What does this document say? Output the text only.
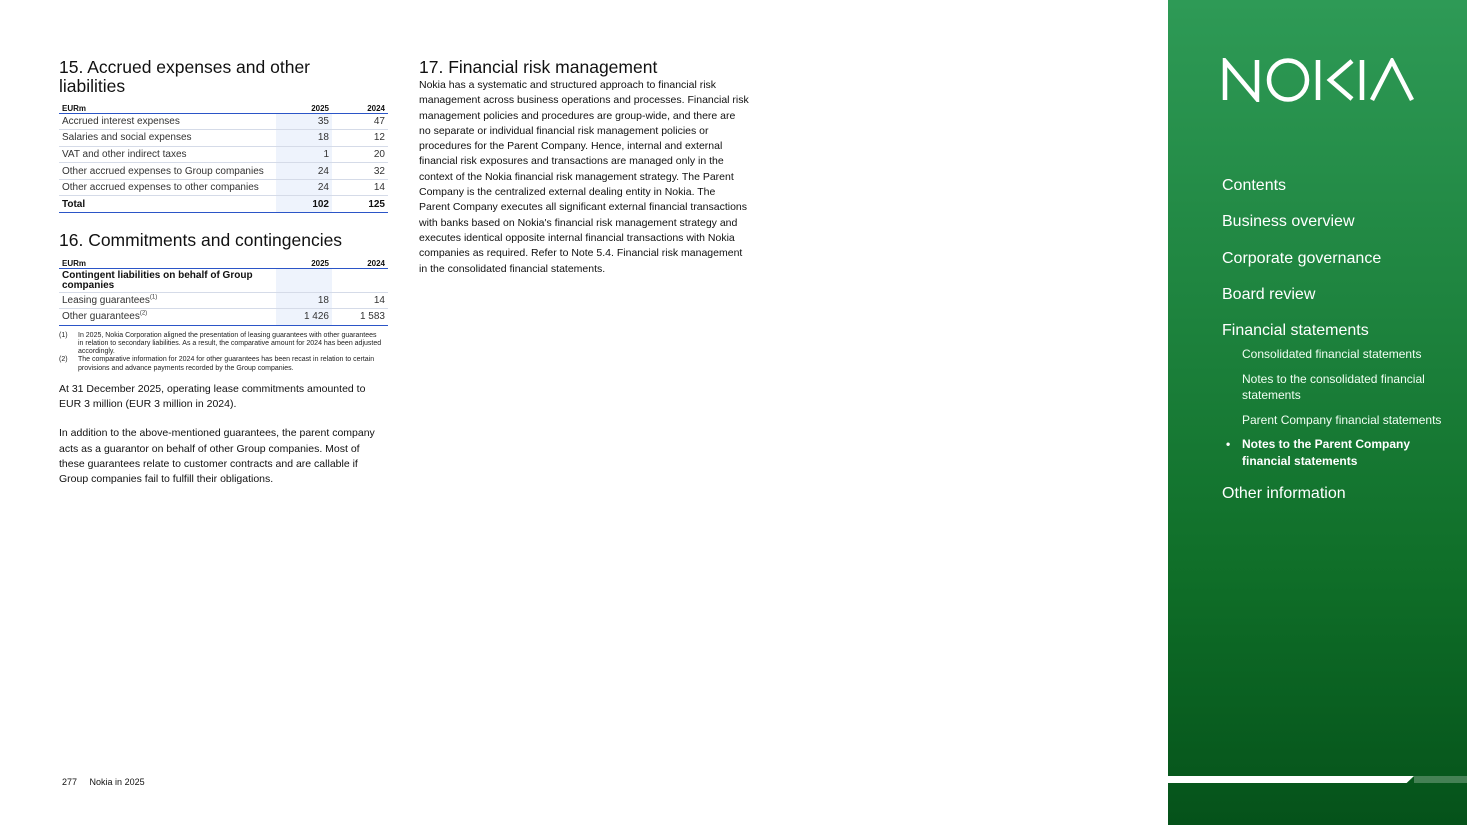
15. Accrued expenses and other liabilities
EURm	2025	2024
Accrued interest expenses	35	47
Salaries and social expenses	18	12
VAT and other indirect taxes	1	20
Other accrued expenses to Group companies	24	32
Other accrued expenses to other companies	24	14
Total	102	125
16. Commitments and contingencies
EURm	2025	2024
Contingent liabilities on behalf of Group companies		
Leasing guarantees$^{(1)}$	18	14
Other guarantees$^{(2)}$	1 426	1 583
(1)	In 2025, Nokia Corporation aligned the presentation of leasing guarantees with other guarantees in relation to secondary liabilities. As a result, the comparative amount for 2024 has been adjusted accordingly.
(2)	The comparative information for 2024 for other guarantees has been recast in relation to certain provisions and advance payments recorded by the Group companies.

At 31 December 2025, operating lease commitments amounted to EUR 3 million (EUR 3 million in 2024).

In addition to the above-mentioned guarantees, the parent company acts as a guarantor on behalf of other Group companies. Most of these guarantees relate to customer contracts and are callable if Group companies fail to fulfill their obligations.

17. Financial risk management

Nokia has a systematic and structured approach to financial risk management across business operations and processes. Financial risk management policies and procedures are group-wide, and there are no separate or individual financial risk management policies or procedures for the Parent Company. Hence, internal and external financial risk exposures and transactions are managed only in the context of the Nokia financial risk management strategy. The Parent Company is the centralized external dealing entity in Nokia. The Parent Company executes all significant external financial transactions with banks based on Nokia's financial risk management strategy and executes identical opposite internal financial transactions with Nokia companies as required. Refer to Note 5.4. Financial risk management in the consolidated financial statements.

277 Nokia in 2025
Contents
Business overview
Corporate governance
Board review
Financial statements
Consolidated financial statements
Notes to the consolidated financial statements
Parent Company financial statements
• Notes to the Parent Company financial statements
Other information
